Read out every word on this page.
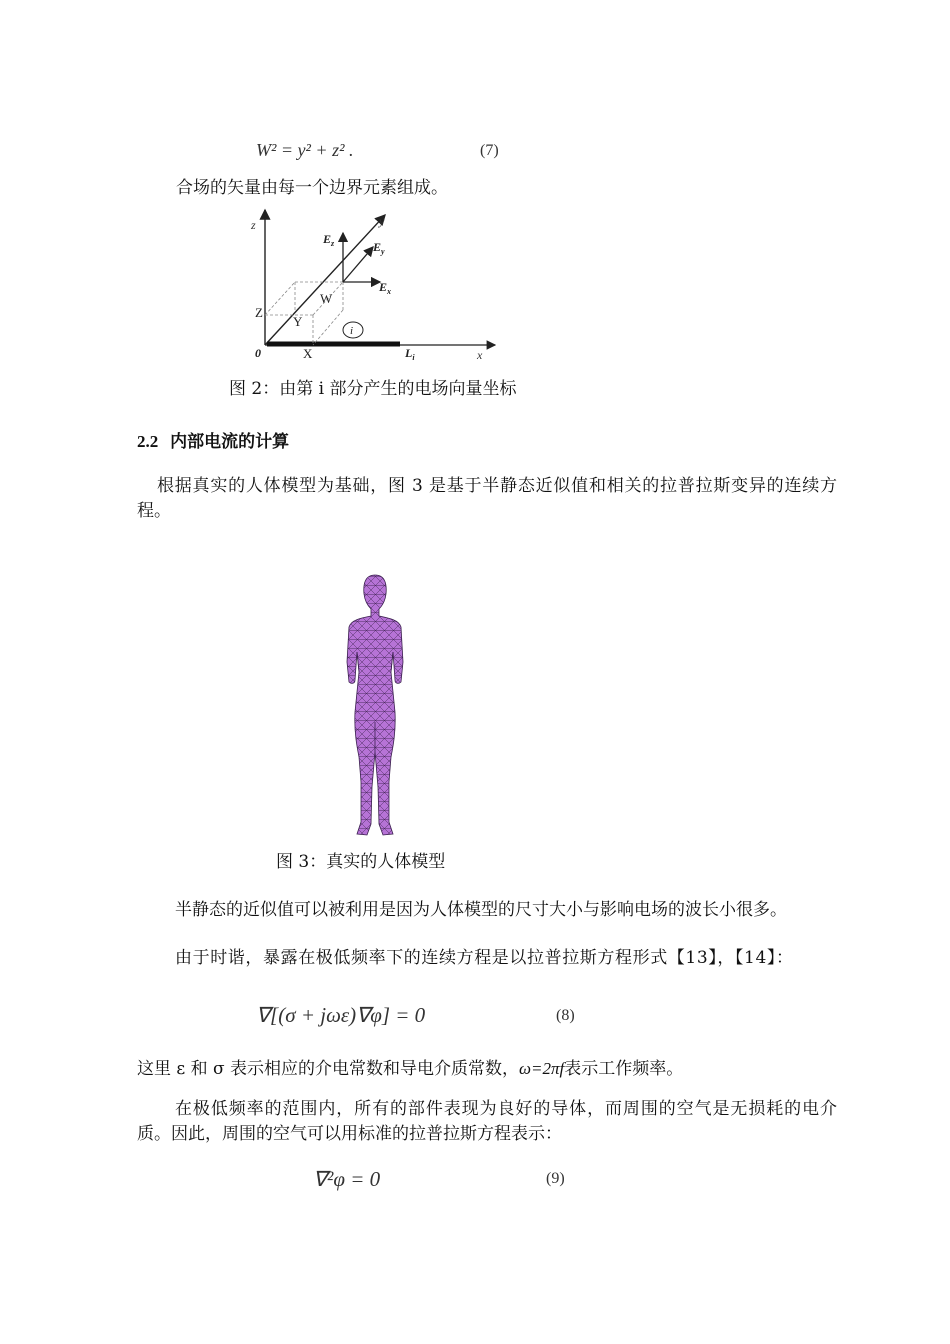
W² = y² + z² .	(7)
合场的矢量由每一个边界元素组成。
z	y
$E_z$	$E_y$
$E_x$
W
Z
Y
i
0	X	$L_i$	x
图 2：由第 i 部分产生的电场向量坐标
2.2 内部电流的计算
根据真实的人体模型为基础，图 3 是基于半静态近似值和相关的拉普拉斯变异的连续方程。
图 3：真实的人体模型
半静态的近似值可以被利用是因为人体模型的尺寸大小与影响电场的波长小很多。
由于时谐，暴露在极低频率下的连续方程是以拉普拉斯方程形式【13】，【14】：
∇[(σ + jωε)∇φ] = 0	(8)
这里 ε 和 σ 表示相应的介电常数和导电介质常数，ω=2πf表示工作频率。
在极低频率的范围内，所有的部件表现为良好的导体，而周围的空气是无损耗的电介质。因此，周围的空气可以用标准的拉普拉斯方程表示：
∇²φ = 0	(9)
